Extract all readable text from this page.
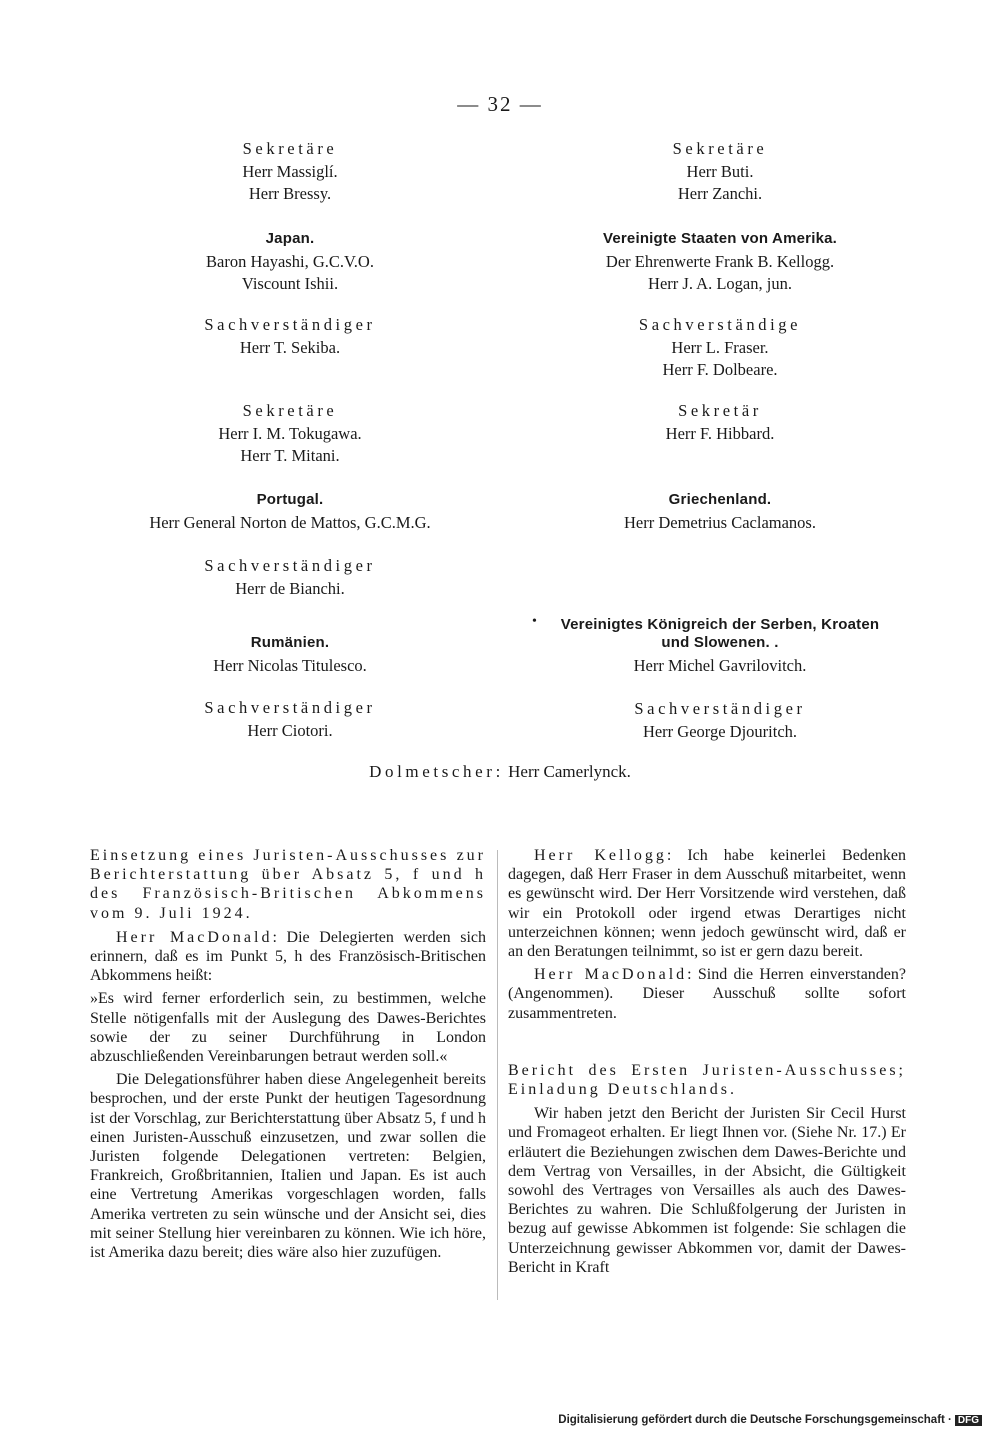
— 32 —
Sekretäre
Herr Massiglí.
Herr Bressy.
Japan.
Baron Hayashi, G.C.V.O.
Viscount Ishii.
Sachverständiger
Herr T. Sekiba.
Sekretäre
Herr I. M. Tokugawa.
Herr T. Mitani.
Portugal.
Herr General Norton de Mattos, G.C.M.G.
Sachverständiger
Herr de Bianchi.
Rumänien.
Herr Nicolas Titulesco.
Sachverständiger
Herr Ciotori.
Sekretäre
Herr Buti.
Herr Zanchi.
Vereinigte Staaten von Amerika.
Der Ehrenwerte Frank B. Kellogg.
Herr J. A. Logan, jun.
Sachverständige
Herr L. Fraser.
Herr F. Dolbeare.
Sekretär
Herr F. Hibbard.
Griechenland.
Herr Demetrius Caclamanos.
Vereinigtes Königreich der Serben, Kroaten
und Slowenen. .
Herr Michel Gavrilovitch.
Sachverständiger
Herr George Djouritch.
•
Dolmetscher: Herr Camerlynck.

Einsetzung eines Juristen-Ausschusses zur Berichterstattung über Absatz 5, f und h des Französisch-Britischen Abkommens vom 9. Juli 1924.

Herr MacDonald: Die Delegierten werden sich erinnern, daß es im Punkt 5, h des Französisch-Britischen Abkommens heißt:

»Es wird ferner erforderlich sein, zu bestimmen, welche Stelle nötigenfalls mit der Auslegung des Dawes-Berichtes sowie der zu seiner Durchführung in London abzuschließenden Vereinbarungen betraut werden soll.«

Die Delegationsführer haben diese Angelegenheit bereits besprochen, und der erste Punkt der heutigen Tagesordnung ist der Vorschlag, zur Berichterstattung über Absatz 5, f und h einen Juristen-Ausschuß einzusetzen, und zwar sollen die Juristen folgende Delegationen vertreten: Belgien, Frankreich, Großbritannien, Italien und Japan. Es ist auch eine Vertretung Amerikas vorgeschlagen worden, falls Amerika vertreten zu sein wünsche und der Ansicht sei, dies mit seiner Stellung hier vereinbaren zu können. Wie ich höre, ist Amerika dazu bereit; dies wäre also hier zuzufügen.

Herr Kellogg: Ich habe keinerlei Bedenken dagegen, daß Herr Fraser in dem Ausschuß mitarbeitet, wenn es gewünscht wird. Der Herr Vorsitzende wird verstehen, daß wir ein Protokoll oder irgend etwas Derartiges nicht unterzeichnen können; wenn jedoch gewünscht wird, daß er an den Beratungen teilnimmt, so ist er gern dazu bereit.

Herr MacDonald: Sind die Herren einverstanden? (Angenommen). Dieser Ausschuß sollte sofort zusammentreten.

Bericht des Ersten Juristen-Ausschusses; Einladung Deutschlands.

Wir haben jetzt den Bericht der Juristen Sir Cecil Hurst und Fromageot erhalten. Er liegt Ihnen vor. (Siehe Nr. 17.) Er erläutert die Beziehungen zwischen dem Dawes-Berichte und dem Vertrag von Versailles, in der Absicht, die Gültigkeit sowohl des Vertrages von Versailles als auch des Dawes-Berichtes zu wahren. Die Schlußfolgerung der Juristen in bezug auf gewisse Abkommen ist folgende: Sie schlagen die Unterzeichnung gewisser Abkommen vor, damit der Dawes-Bericht in Kraft

Digitalisierung gefördert durch die Deutsche Forschungsgemeinschaft · DFG
